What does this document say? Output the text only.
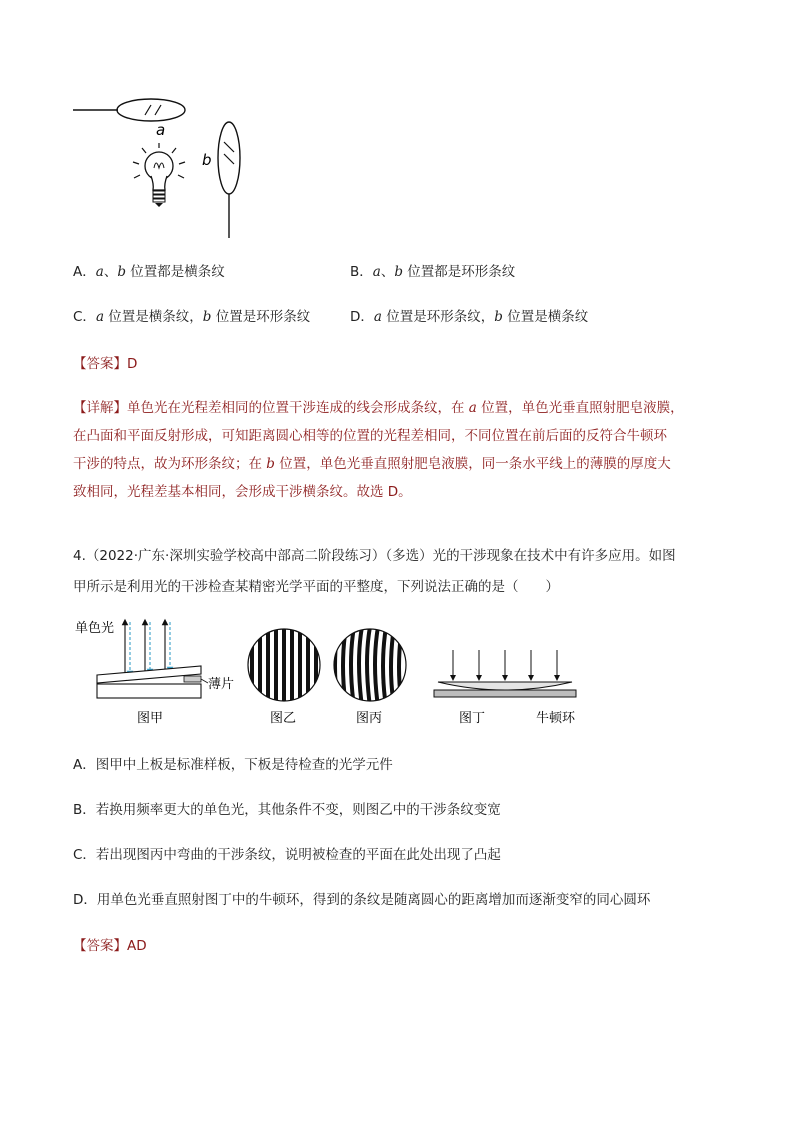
a
b
A．a、b 位置都是横条纹	B．a、b 位置都是环形条纹
C．a 位置是横条纹，b 位置是环形条纹	D．a 位置是环形条纹，b 位置是横条纹
【答案】D
【详解】单色光在光程差相同的位置干涉连成的线会形成条纹，在 a 位置，单色光垂直照射肥皂液膜，
在凸面和平面反射形成，可知距离圆心相等的位置的光程差相同，不同位置在前后面的反符合牛顿环
干涉的特点，故为环形条纹；在 b 位置，单色光垂直照射肥皂液膜，同一条水平线上的薄膜的厚度大
致相同，光程差基本相同，会形成干涉横条纹。故选 D。
4.（2022·广东·深圳实验学校高中部高二阶段练习）（多选）光的干涉现象在技术中有许多应用。如图
甲所示是利用光的干涉检查某精密光学平面的平整度，下列说法正确的是（　　）
单色光
薄片
图甲	图乙	图丙	图丁	牛顿环
A．图甲中上板是标准样板，下板是待检查的光学元件
B．若换用频率更大的单色光，其他条件不变，则图乙中的干涉条纹变宽
C．若出现图丙中弯曲的干涉条纹，说明被检查的平面在此处出现了凸起
D．用单色光垂直照射图丁中的牛顿环，得到的条纹是随离圆心的距离增加而逐渐变窄的同心圆环
【答案】AD
